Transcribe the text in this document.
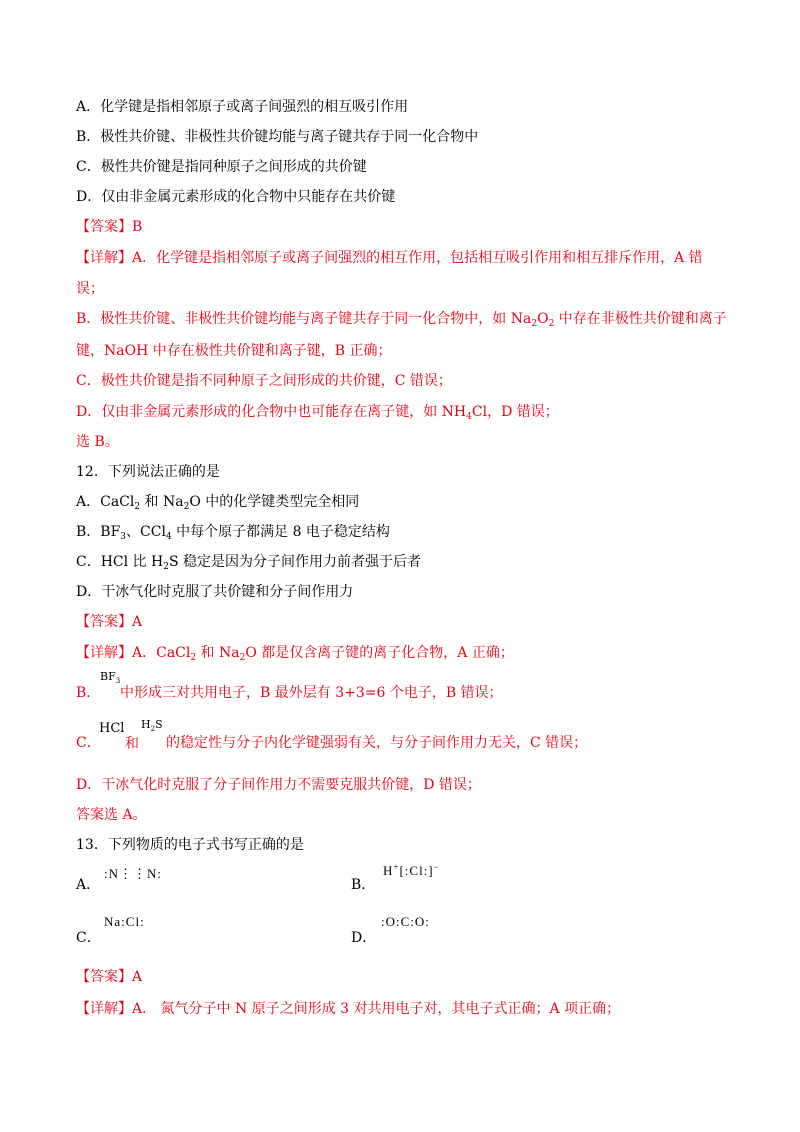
A．化学键是指相邻原子或离子间强烈的相互吸引作用
B．极性共价键、非极性共价键均能与离子键共存于同一化合物中
C．极性共价键是指同种原子之间形成的共价键
D．仅由非金属元素形成的化合物中只能存在共价键
【答案】B
【详解】A．化学键是指相邻原子或离子间强烈的相互作用，包括相互吸引作用和相互排斥作用，A 错
误；
B．极性共价键、非极性共价键均能与离子键共存于同一化合物中，如 $Na_2O_2$ 中存在非极性共价键和离子
键，NaOH 中存在极性共价键和离子键，B 正确；
C．极性共价键是指不同种原子之间形成的共价键，C 错误；
D．仅由非金属元素形成的化合物中也可能存在离子键，如 $NH_4Cl$，D 错误；
选 B。
12．下列说法正确的是
A．CaCl$_2$ 和 $Na_2O$ 中的化学键类型完全相同
B．$BF_3$、CCl$_4$ 中每个原子都满足 8 电子稳定结构
C．HCl 比 $H_2S$ 稳定是因为分子间作用力前者强于后者
D．干冰气化时克服了共价键和分子间作用力
【答案】A
【详解】A．CaCl$_2$ 和 $Na_2O$ 都是仅含离子键的离子化合物，A 正确；
B．
$BF_3$
中形成三对共用电子，B 最外层有 3+3=6 个电子，B 错误；
C．
HCl
和
$H_2S$
的稳定性与分子内化学键强弱有关，与分子间作用力无关，C 错误；
D．干冰气化时克服了分子间作用力不需要克服共价键，D 错误；
答案选 A。
13．下列物质的电子式书写正确的是
A．
:N⋮⋮N:
B．
H+[:Cl:]−
C．
Na:Cl:
D．
:O:C:O:
【答案】A
【详解】A． 氮气分子中 N 原子之间形成 3 对共用电子对，其电子式正确；A 项正确；
